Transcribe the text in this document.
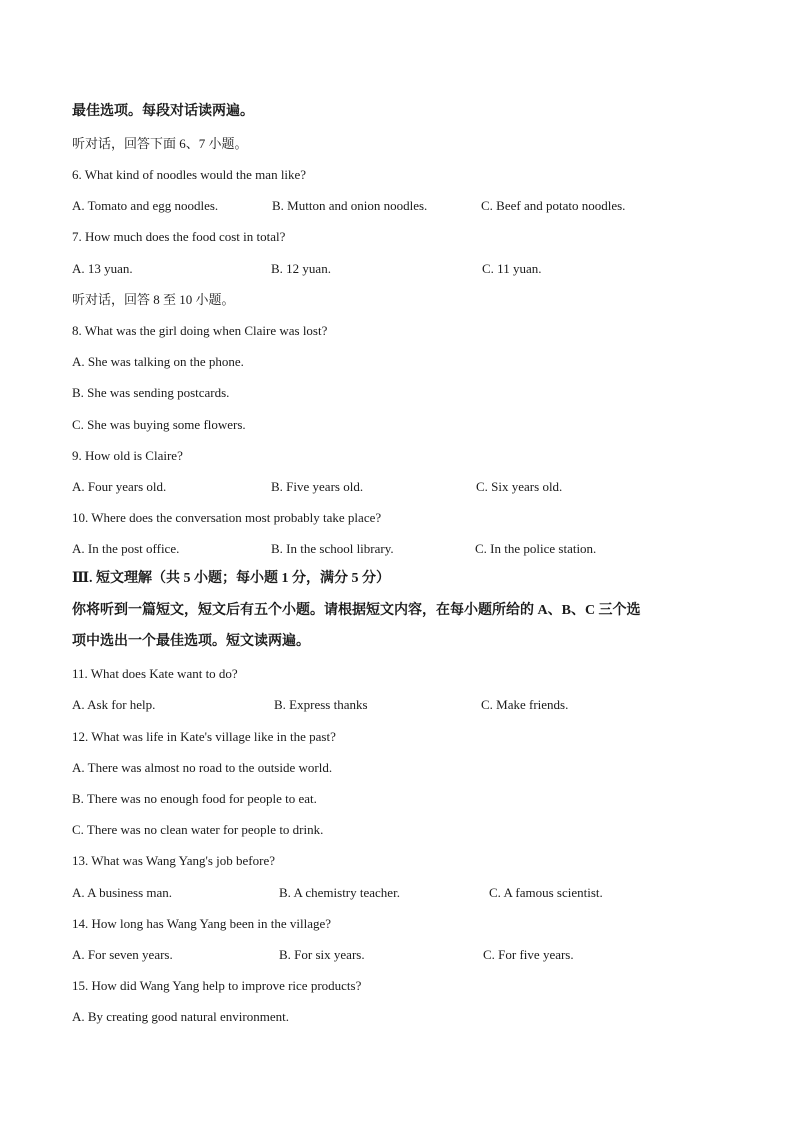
最佳选项。每段对话读两遍。
听对话，回答下面 6、7 小题。
6. What kind of noodles would the man like?
A. Tomato and egg noodles.	B. Mutton and onion noodles.	C. Beef and potato noodles.
7. How much does the food cost in total?
A. 13 yuan.	B. 12 yuan.	C. 11 yuan.
听对话，回答 8 至 10 小题。
8. What was the girl doing when Claire was lost?
A. She was talking on the phone.
B. She was sending postcards.
C. She was buying some flowers.
9. How old is Claire?
A. Four years old.	B. Five years old.	C. Six years old.
10. Where does the conversation most probably take place?
A. In the post office.	B. In the school library.	C. In the police station.
Ⅲ. 短文理解（共 5 小题；每小题 1 分，满分 5 分）
你将听到一篇短文，短文后有五个小题。请根据短文内容，在每小题所给的 A、B、C 三个选
项中选出一个最佳选项。短文读两遍。
11. What does Kate want to do?
A. Ask for help.	B. Express thanks	C. Make friends.
12. What was life in Kate's village like in the past?
A. There was almost no road to the outside world.
B. There was no enough food for people to eat.
C. There was no clean water for people to drink.
13. What was Wang Yang's job before?
A. A business man.	B. A chemistry teacher.	C. A famous scientist.
14. How long has Wang Yang been in the village?
A. For seven years.	B. For six years.	C. For five years.
15. How did Wang Yang help to improve rice products?
A. By creating good natural environment.
